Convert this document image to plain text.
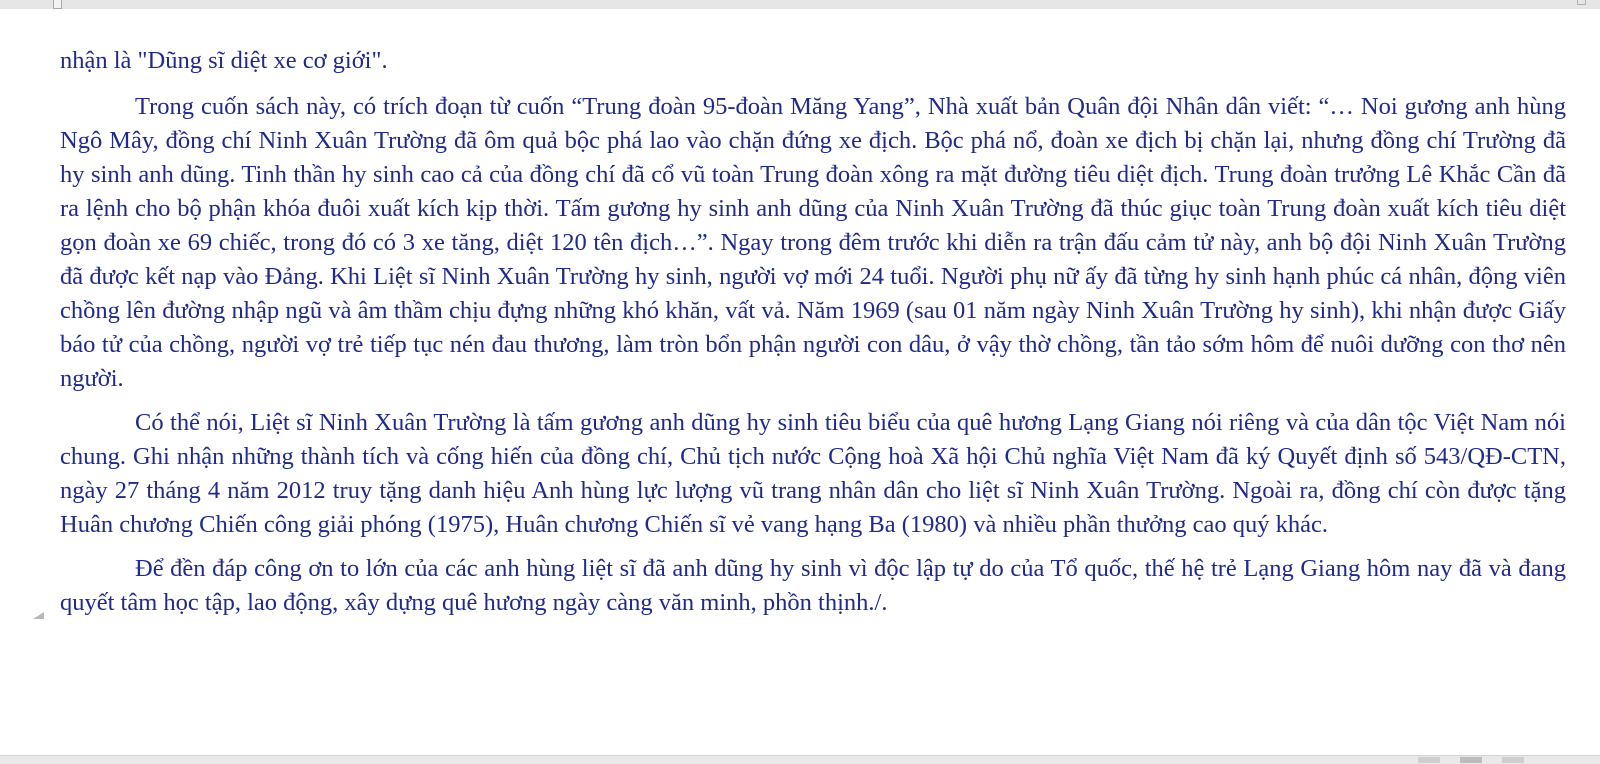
nhận là "Dũng sĩ diệt xe cơ giới".

Trong cuốn sách này, có trích đoạn từ cuốn “Trung đoàn 95-đoàn Măng Yang”, Nhà xuất bản Quân đội Nhân dân viết: “… Noi gương anh hùng Ngô Mây, đồng chí Ninh Xuân Trường đã ôm quả bộc phá lao vào chặn đứng xe địch. Bộc phá nổ, đoàn xe địch bị chặn lại, nhưng đồng chí Trường đã hy sinh anh dũng. Tinh thần hy sinh cao cả của đồng chí đã cổ vũ toàn Trung đoàn xông ra mặt đường tiêu diệt địch. Trung đoàn trưởng Lê Khắc Cần đã ra lệnh cho bộ phận khóa đuôi xuất kích kịp thời. Tấm gương hy sinh anh dũng của Ninh Xuân Trường đã thúc giục toàn Trung đoàn xuất kích tiêu diệt gọn đoàn xe 69 chiếc, trong đó có 3 xe tăng, diệt 120 tên địch…”. Ngay trong đêm trước khi diễn ra trận đấu cảm tử này, anh bộ đội Ninh Xuân Trường đã được kết nạp vào Đảng. Khi Liệt sĩ Ninh Xuân Trường hy sinh, người vợ mới 24 tuổi. Người phụ nữ ấy đã từng hy sinh hạnh phúc cá nhân, động viên chồng lên đường nhập ngũ và âm thầm chịu đựng những khó khăn, vất vả. Năm 1969 (sau 01 năm ngày Ninh Xuân Trường hy sinh), khi nhận được Giấy báo tử của chồng, người vợ trẻ tiếp tục nén đau thương, làm tròn bổn phận người con dâu, ở vậy thờ chồng, tần tảo sớm hôm để nuôi dưỡng con thơ nên người.

Có thể nói, Liệt sĩ Ninh Xuân Trường là tấm gương anh dũng hy sinh tiêu biểu của quê hương Lạng Giang nói riêng và của dân tộc Việt Nam nói chung. Ghi nhận những thành tích và cống hiến của đồng chí, Chủ tịch nước Cộng hoà Xã hội Chủ nghĩa Việt Nam đã ký Quyết định số 543/QĐ-CTN, ngày 27 tháng 4 năm 2012 truy tặng danh hiệu Anh hùng lực lượng vũ trang nhân dân cho liệt sĩ Ninh Xuân Trường. Ngoài ra, đồng chí còn được tặng Huân chương Chiến công giải phóng (1975), Huân chương Chiến sĩ vẻ vang hạng Ba (1980) và nhiều phần thưởng cao quý khác.

Để đền đáp công ơn to lớn của các anh hùng liệt sĩ đã anh dũng hy sinh vì độc lập tự do của Tổ quốc, thế hệ trẻ Lạng Giang hôm nay đã và đang quyết tâm học tập, lao động, xây dựng quê hương ngày càng văn minh, phồn thịnh./.
